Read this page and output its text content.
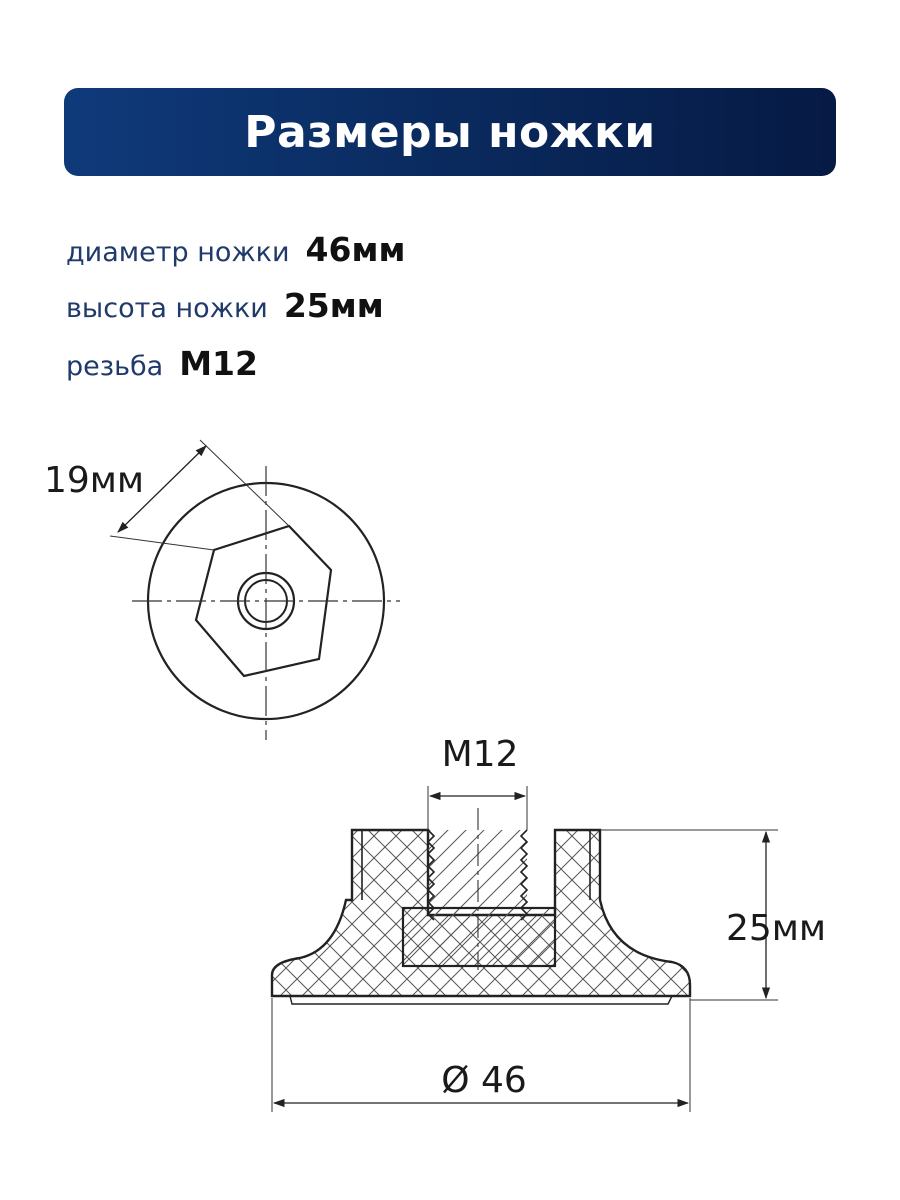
Размеры ножки
диаметр ножки 46мм
высота ножки 25мм
резьба М12
19мм
M12
25мм
Ø 46
